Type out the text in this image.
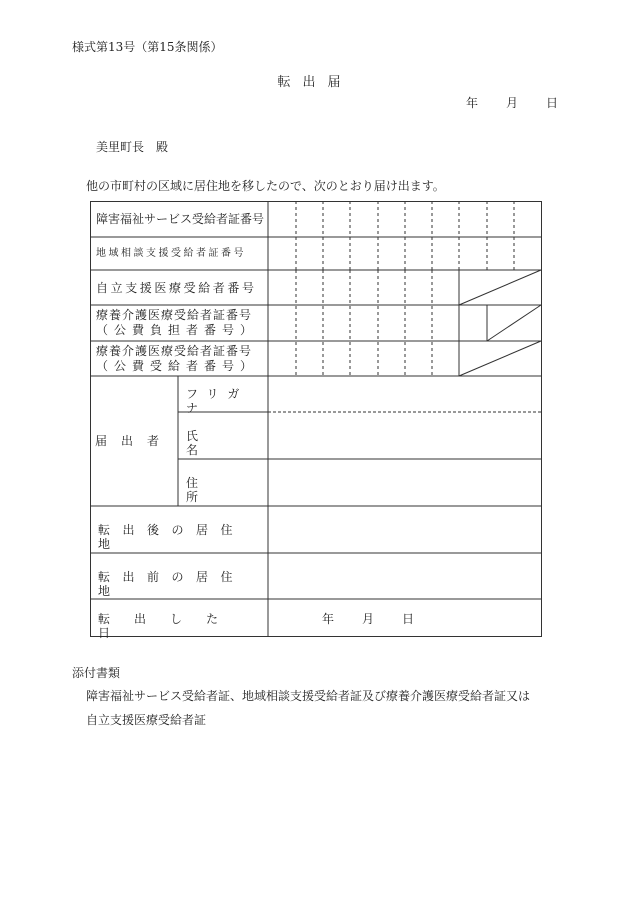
様式第13号（第15条関係）
転出届
年 月 日
美里町長　殿
他の市町村の区域に居住地を移したので、次のとおり届け出ます。
障害福祉サービス受給者証番号
地域相談支援受給者証番号
自立支援医療受給者番号
療養介護医療受給者証番号
（公費負担者番号）
療養介護医療受給者証番号
（公費受給者番号）
届出者
フリガナ
氏名
住所
転出後の居住地
転出前の居住地
転出した日
年 月 日
添付書類
障害福祉サービス受給者証、地域相談支援受給者証及び療養介護医療受給者証又は
自立支援医療受給者証
